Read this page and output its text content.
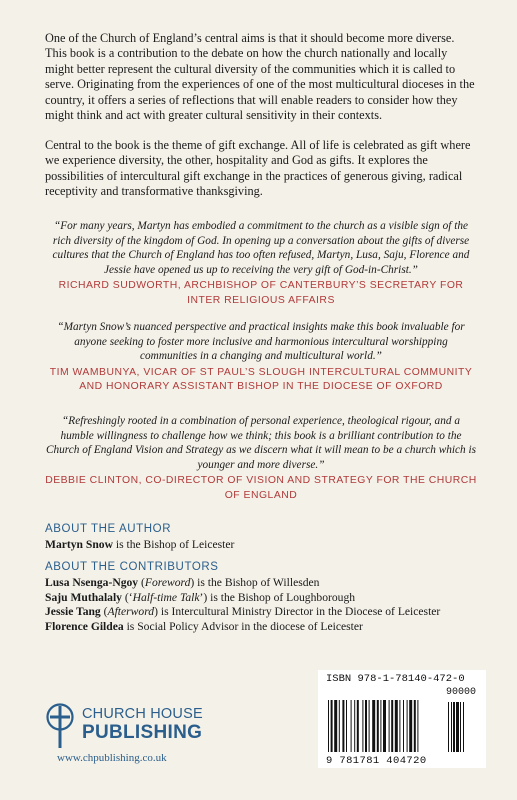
One of the Church of England’s central aims is that it should become more diverse. This book is a contribution to the debate on how the church nationally and locally might better represent the cultural diversity of the communities which it is called to serve. Originating from the experiences of one of the most multicultural dioceses in the country, it offers a series of reflections that will enable readers to consider how they might think and act with greater cultural sensitivity in their contexts.

Central to the book is the theme of gift exchange. All of life is celebrated as gift where we experience diversity, the other, hospitality and God as gifts. It explores the possibilities of intercultural gift exchange in the practices of generous giving, radical receptivity and transformative thanksgiving.

“For many years, Martyn has embodied a commitment to the church as a visible sign of the rich diversity of the kingdom of God. In opening up a conversation about the gifts of diverse cultures that the Church of England has too often refused, Martyn, Lusa, Saju, Florence and Jessie have opened us up to receiving the very gift of God-in-Christ.”

RICHARD SUDWORTH, ARCHBISHOP OF CANTERBURY’S SECRETARY FOR INTER RELIGIOUS AFFAIRS

“Martyn Snow’s nuanced perspective and practical insights make this book invaluable for anyone seeking to foster more inclusive and harmonious intercultural worshipping communities in a changing and multicultural world.”

TIM WAMBUNYA, VICAR OF ST PAUL’S SLOUGH INTERCULTURAL COMMUNITY AND HONORARY ASSISTANT BISHOP IN THE DIOCESE OF OXFORD

“Refreshingly rooted in a combination of personal experience, theological rigour, and a humble willingness to challenge how we think; this book is a brilliant contribution to the Church of England Vision and Strategy as we discern what it will mean to be a church which is younger and more diverse.”

DEBBIE CLINTON, CO-DIRECTOR OF VISION AND STRATEGY FOR THE CHURCH OF ENGLAND

ABOUT THE AUTHOR

Martyn Snow is the Bishop of Leicester

ABOUT THE CONTRIBUTORS
Lusa Nsenga-Ngoy (Foreword) is the Bishop of Willesden
Saju Muthalaly (‘Half-time Talk’) is the Bishop of Loughborough
Jessie Tang (Afterword) is Intercultural Ministry Director in the Diocese of Leicester
Florence Gildea is Social Policy Advisor in the diocese of Leicester
CHURCH HOUSE
PUBLISHING
www.chpublishing.co.uk
ISBN 978-1-78140-472-0
90000
9 781781 404720
